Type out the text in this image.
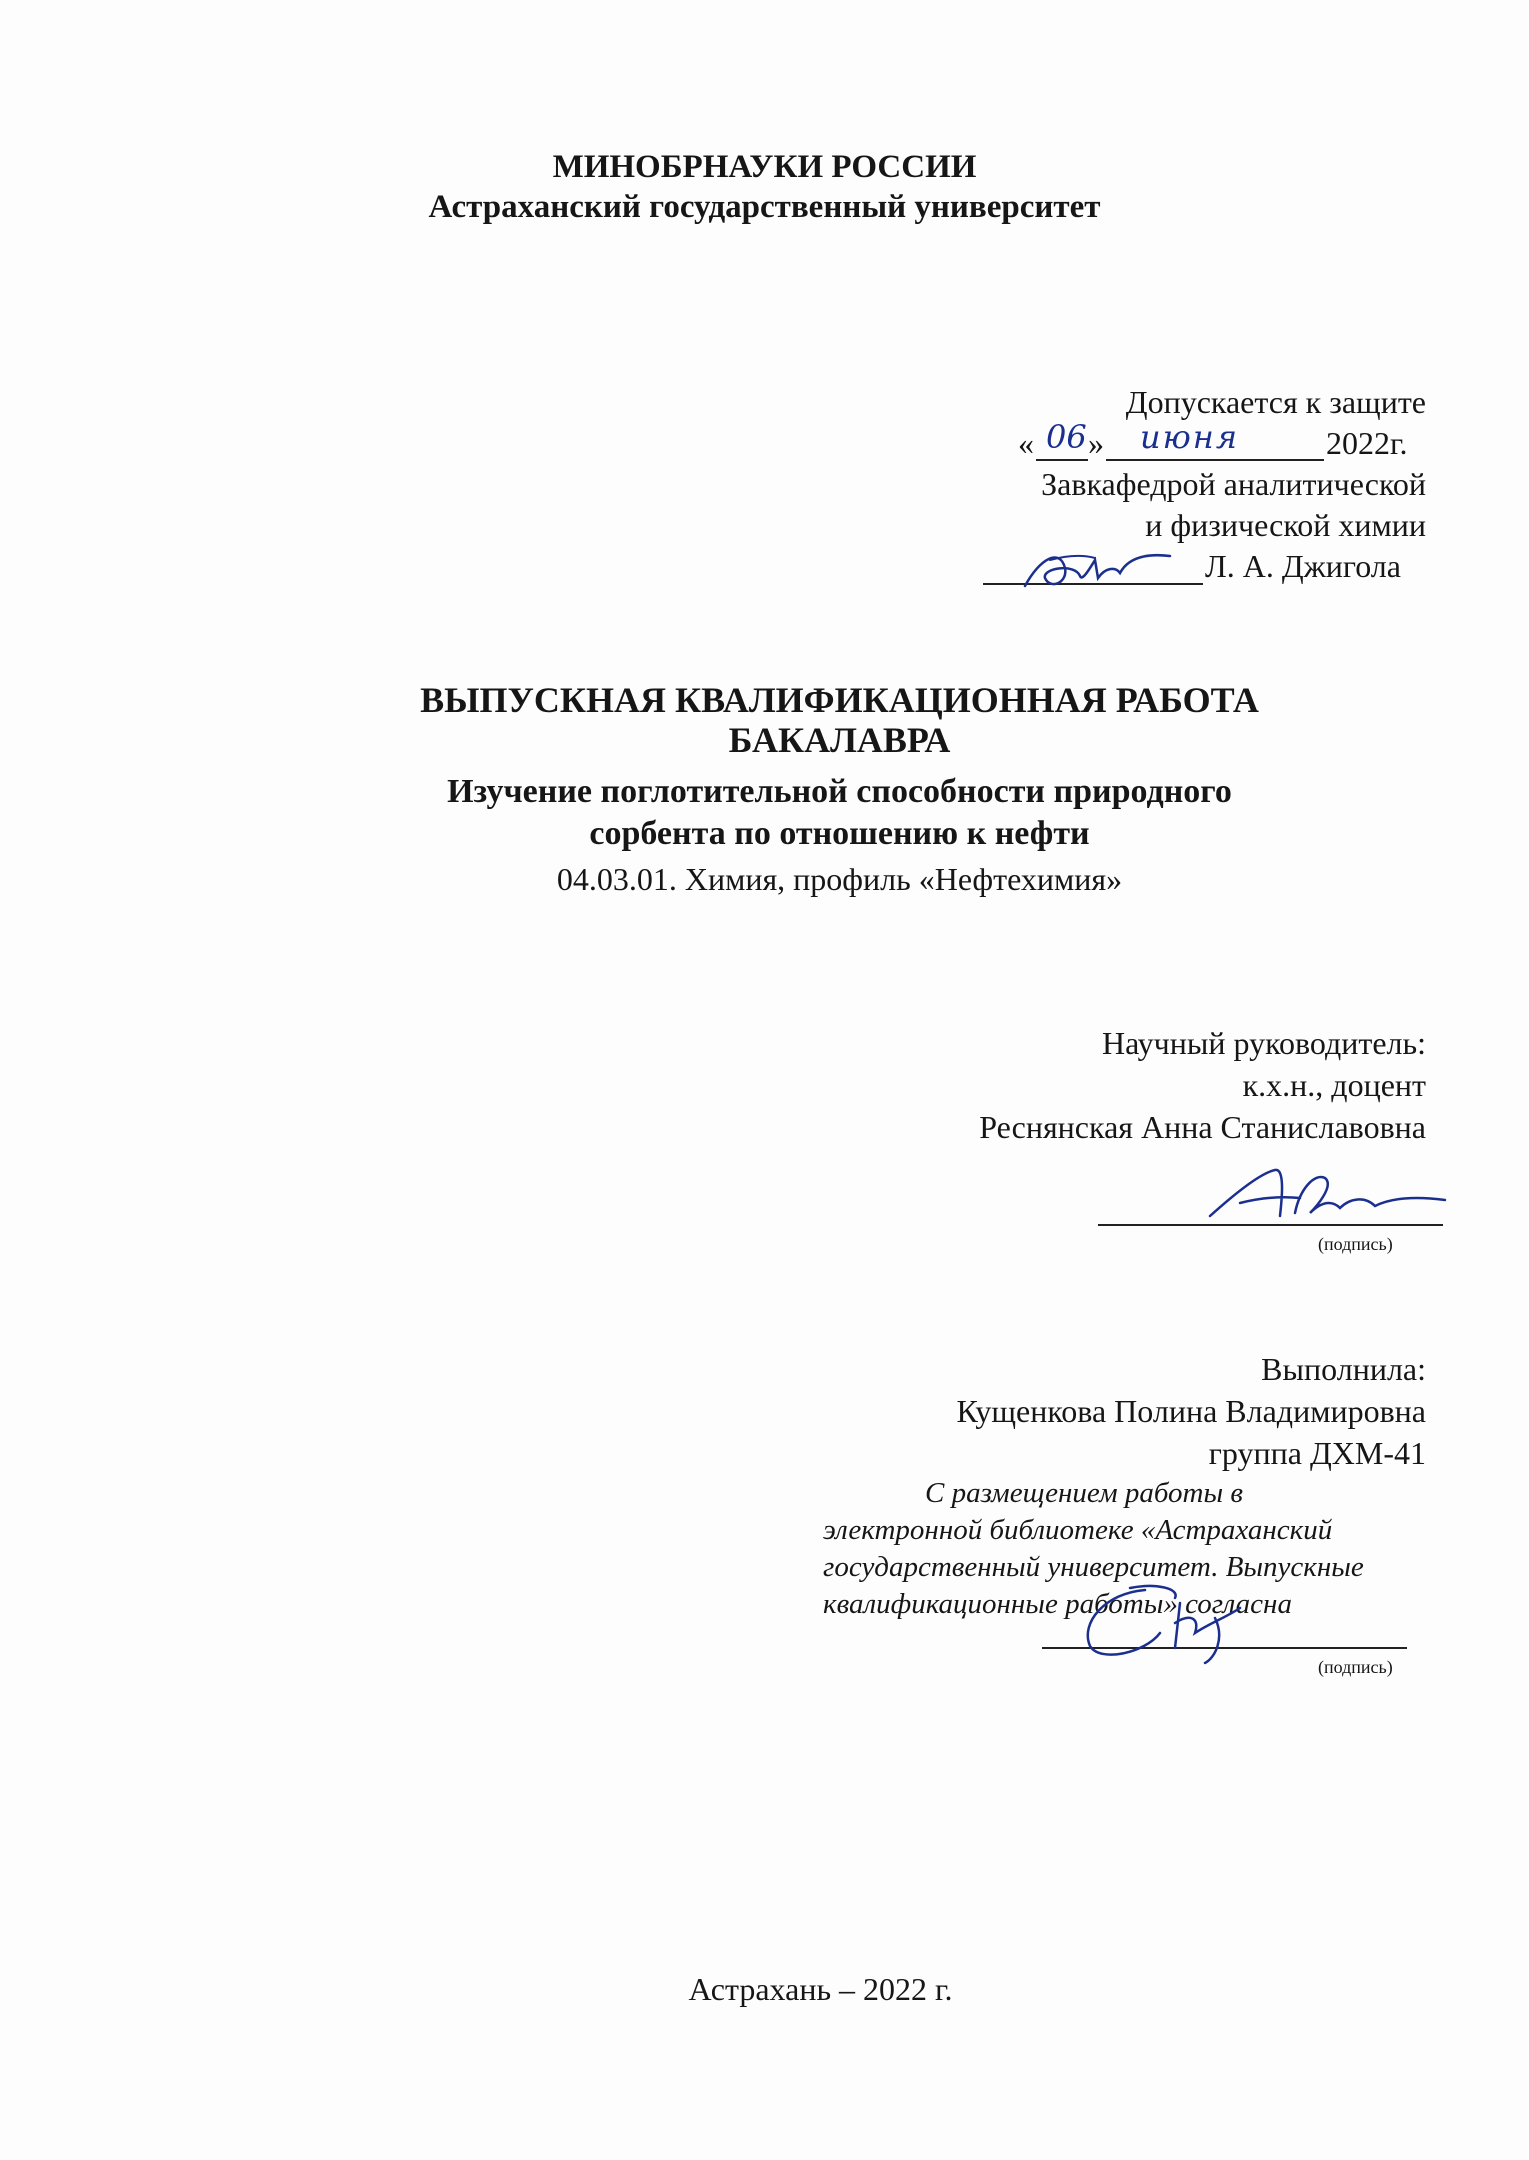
МИНОБРНАУКИ РОССИИ
Астраханский государственный университет
Допускается к защите
« »	2022г.
06 июня
Завкафедрой аналитической
и физической химии
Л. А. Джигола
ВЫПУСКНАЯ КВАЛИФИКАЦИОННАЯ РАБОТА
БАКАЛАВРА
Изучение поглотительной способности природного
сорбента по отношению к нефти
04.03.01. Химия, профиль «Нефтехимия»
Научный руководитель:
к.х.н., доцент
Реснянская Анна Станиславовна
(подпись)
Выполнила:
Кущенкова Полина Владимировна
группа ДХМ-41
С размещением работы в
электронной библиотеке «Астраханский
государственный университет. Выпускные
квалификационные работы» согласна
(подпись)
Астрахань – 2022 г.
